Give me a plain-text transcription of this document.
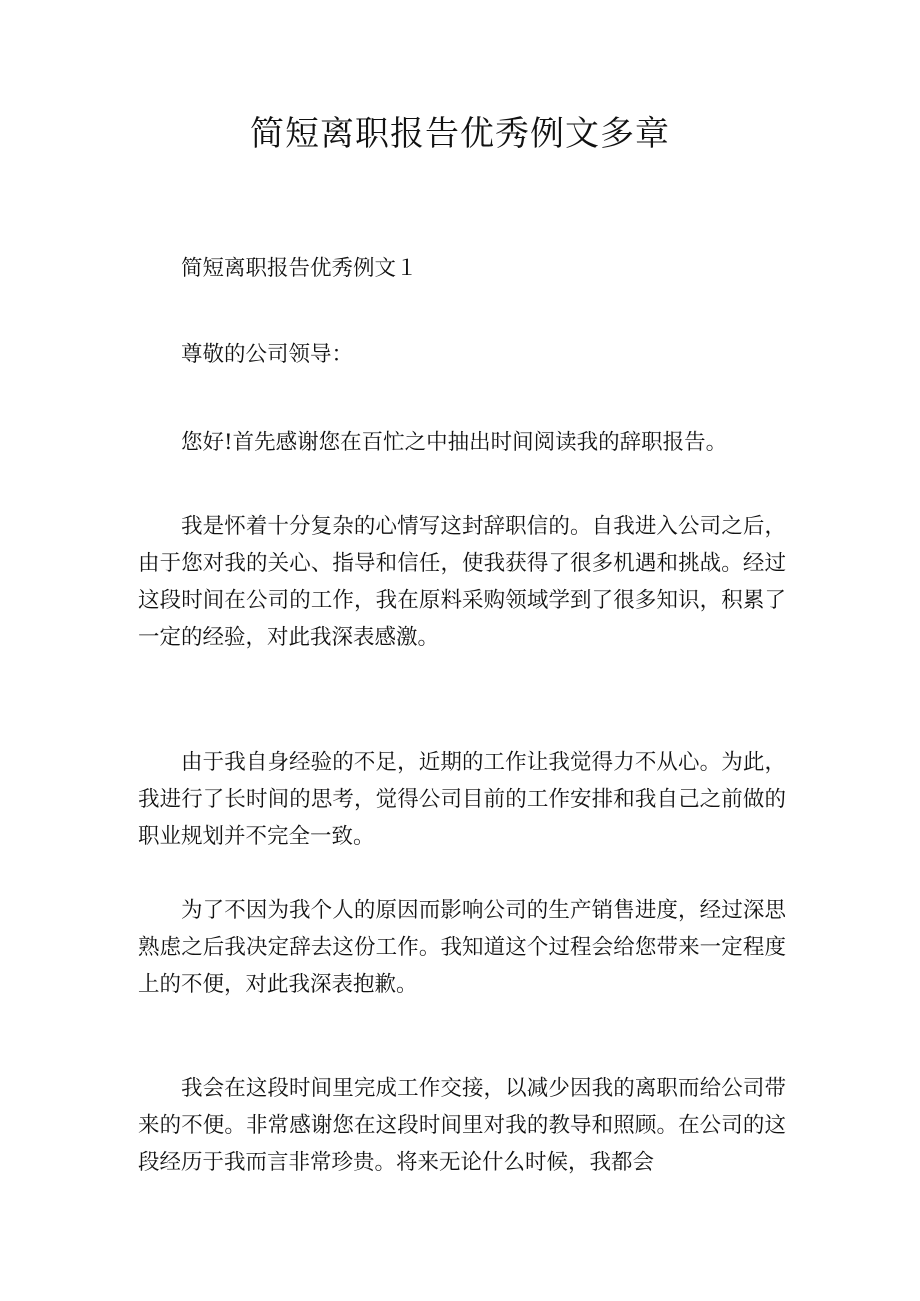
简短离职报告优秀例文多章

简短离职报告优秀例文１

尊敬的公司领导：

您好!首先感谢您在百忙之中抽出时间阅读我的辞职报告。

我是怀着十分复杂的心情写这封辞职信的。自我进入公司之后，由于您对我的关心、指导和信任，使我获得了很多机遇和挑战。经过这段时间在公司的工作，我在原料采购领域学到了很多知识，积累了一定的经验，对此我深表感激。

由于我自身经验的不足，近期的工作让我觉得力不从心。为此，我进行了长时间的思考，觉得公司目前的工作安排和我自己之前做的职业规划并不完全一致。

为了不因为我个人的原因而影响公司的生产销售进度，经过深思熟虑之后我决定辞去这份工作。我知道这个过程会给您带来一定程度上的不便，对此我深表抱歉。

我会在这段时间里完成工作交接，以减少因我的离职而给公司带来的不便。非常感谢您在这段时间里对我的教导和照顾。在公司的这段经历于我而言非常珍贵。将来无论什么时候，我都会
